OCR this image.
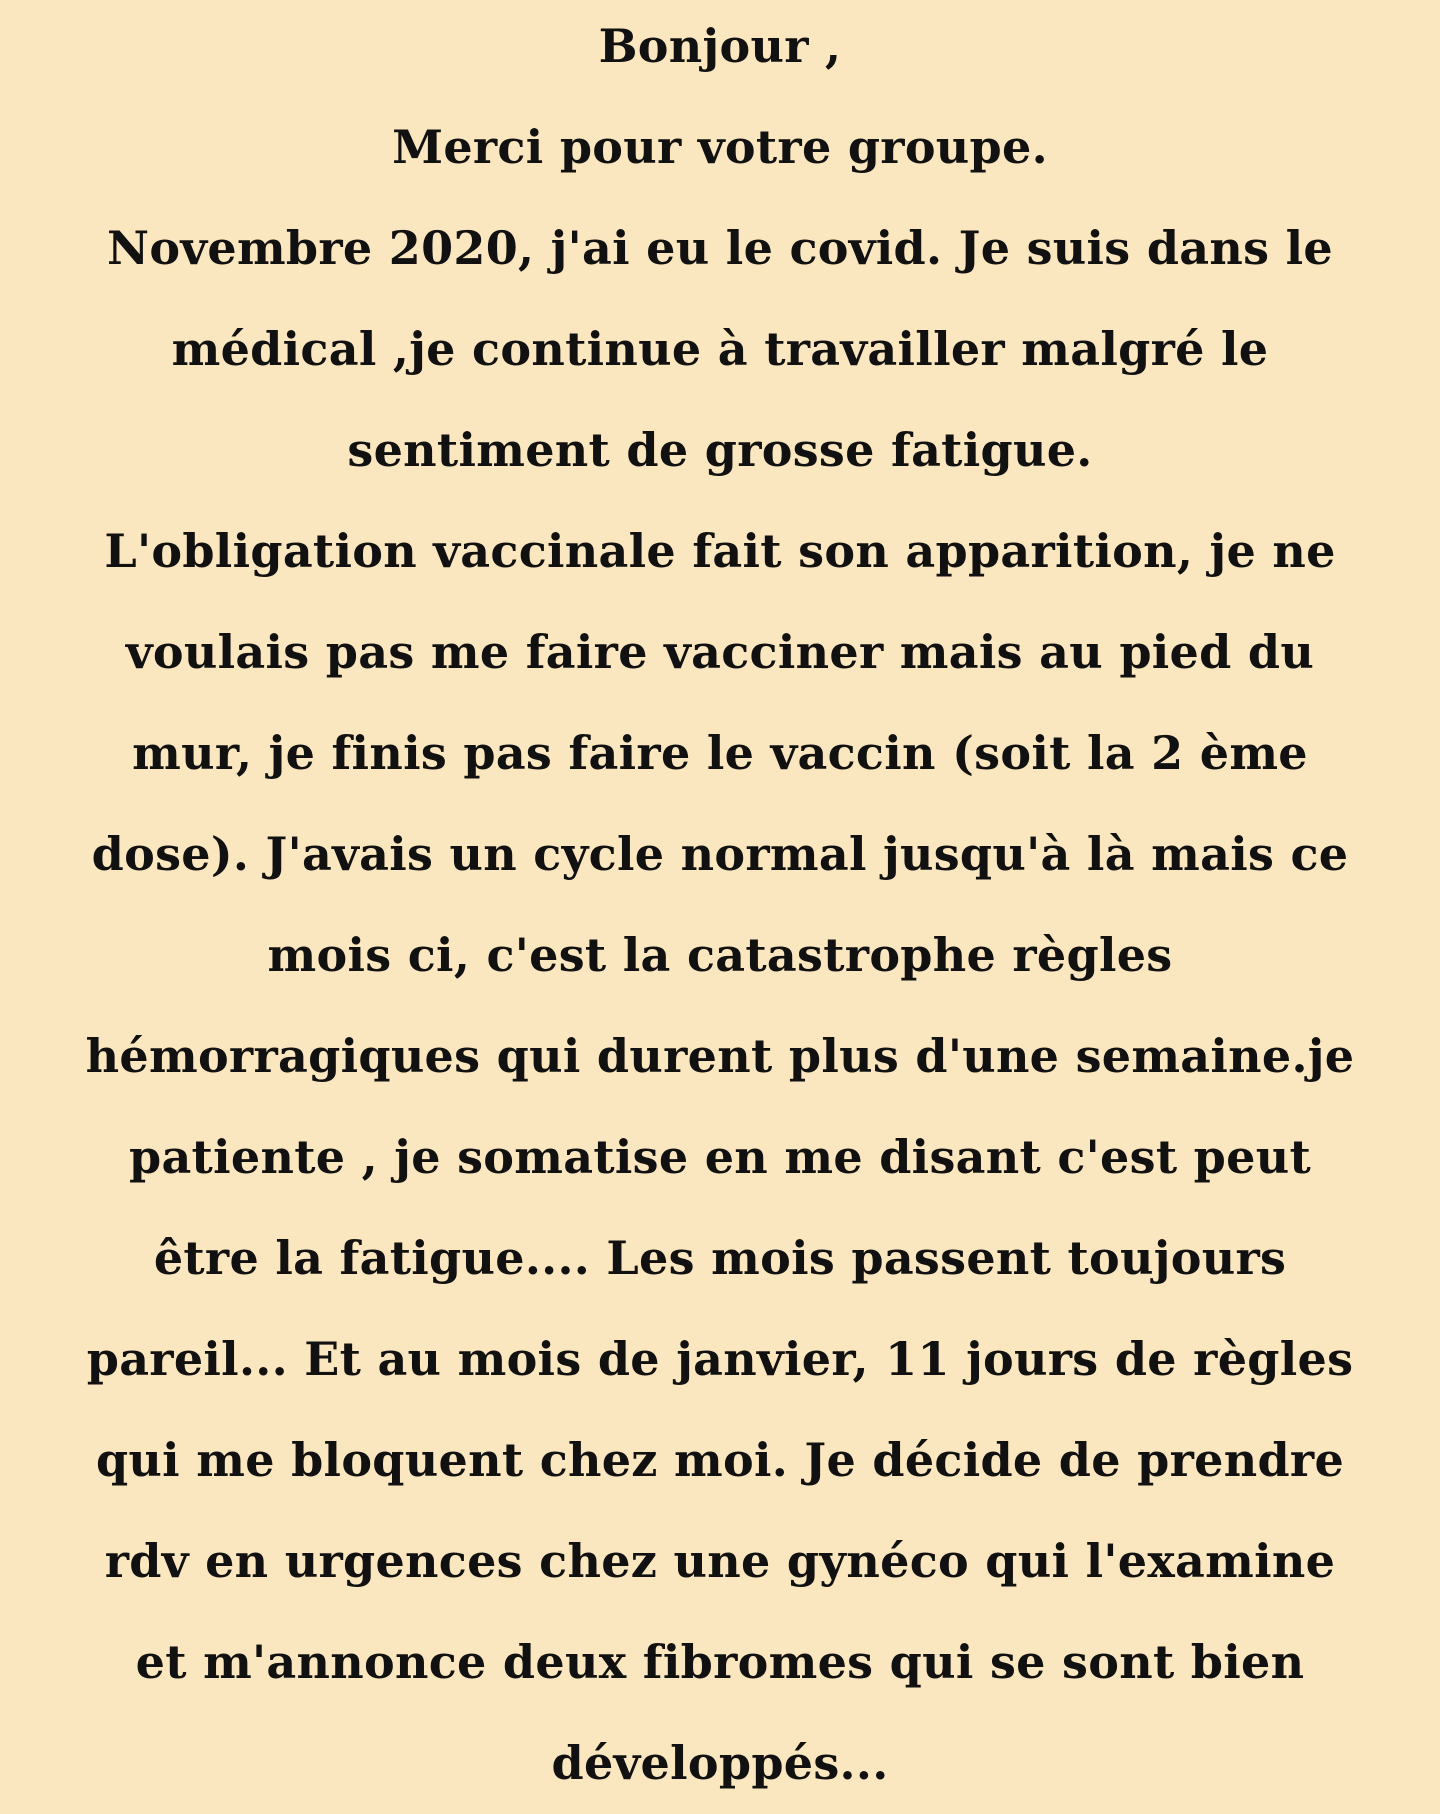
Bonjour ,
Merci pour votre groupe.
Novembre 2020, j'ai eu le covid. Je suis dans le
médical ,je continue à travailler malgré le
sentiment de grosse fatigue.
L'obligation vaccinale fait son apparition, je ne
voulais pas me faire vacciner mais au pied du
mur, je finis pas faire le vaccin (soit la 2 ème
dose). J'avais un cycle normal jusqu'à là mais ce
mois ci, c'est la catastrophe règles
hémorragiques qui durent plus d'une semaine.je
patiente , je somatise en me disant c'est peut
être la fatigue.... Les mois passent toujours
pareil... Et au mois de janvier, 11 jours de règles
qui me bloquent chez moi. Je décide de prendre
rdv en urgences chez une gynéco qui l'examine
et m'annonce deux fibromes qui se sont bien
développés...
